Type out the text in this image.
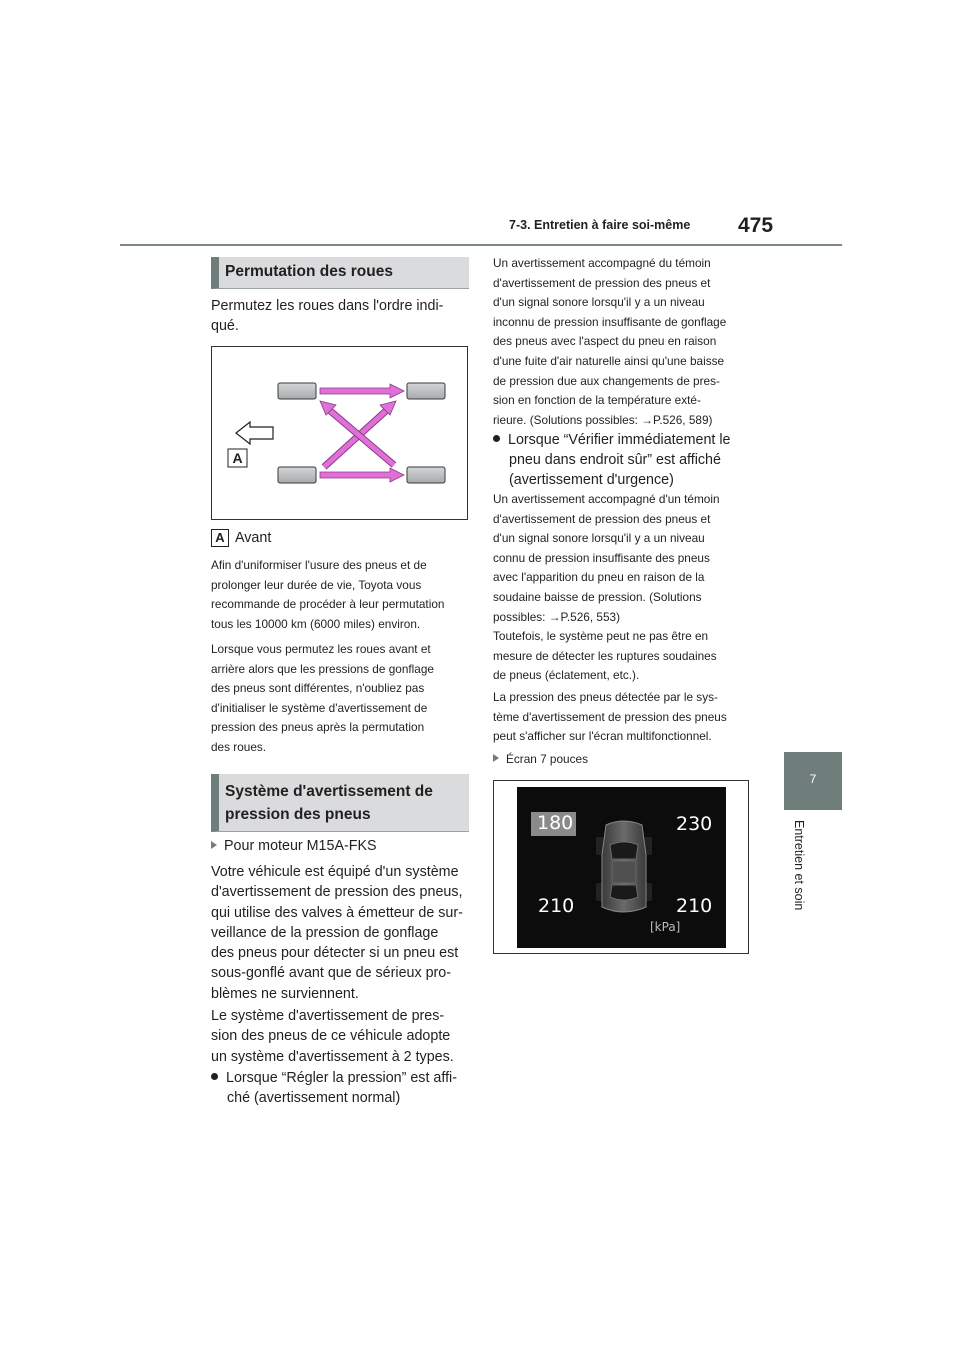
7-3. Entretien à faire soi-même 475
7
Entretien et soin
Permutation des roues
Permutez les roues dans l'ordre indi-
qué.
A
A Avant
Afin d'uniformiser l'usure des pneus et de
prolonger leur durée de vie, Toyota vous
recommande de procéder à leur permutation
tous les 10000 km (6000 miles) environ.
Lorsque vous permutez les roues avant et
arrière alors que les pressions de gonflage
des pneus sont différentes, n'oubliez pas
d'initialiser le système d'avertissement de
pression des pneus après la permutation
des roues.
Système d'avertissement de
pression des pneus
Pour moteur M15A-FKS
Votre véhicule est équipé d'un système
d'avertissement de pression des pneus,
qui utilise des valves à émetteur de sur-
veillance de la pression de gonflage
des pneus pour détecter si un pneu est
sous-gonflé avant que de sérieux pro-
blèmes ne surviennent.
Le système d'avertissement de pres-
sion des pneus de ce véhicule adopte
un système d'avertissement à 2 types.
Lorsque “Régler la pression” est affi-
ché (avertissement normal)
Un avertissement accompagné du témoin
d'avertissement de pression des pneus et
d'un signal sonore lorsqu'il y a un niveau
inconnu de pression insuffisante de gonflage
des pneus avec l'aspect du pneu en raison
d'une fuite d'air naturelle ainsi qu'une baisse
de pression due aux changements de pres-
sion en fonction de la température exté-
rieure. (Solutions possibles: →P.526, 589)
Lorsque “Vérifier immédiatement le
pneu dans endroit sûr” est affiché
(avertissement d'urgence)
Un avertissement accompagné d'un témoin
d'avertissement de pression des pneus et
d'un signal sonore lorsqu'il y a un niveau
connu de pression insuffisante des pneus
avec l'apparition du pneu en raison de la
soudaine baisse de pression. (Solutions
possibles: →P.526, 553)
Toutefois, le système peut ne pas être en
mesure de détecter les ruptures soudaines
de pneus (éclatement, etc.).
La pression des pneus détectée par le sys-
tème d'avertissement de pression des pneus
peut s'afficher sur l'écran multifonctionnel.
Écran 7 pouces
180	230
210	210
[kPa]
